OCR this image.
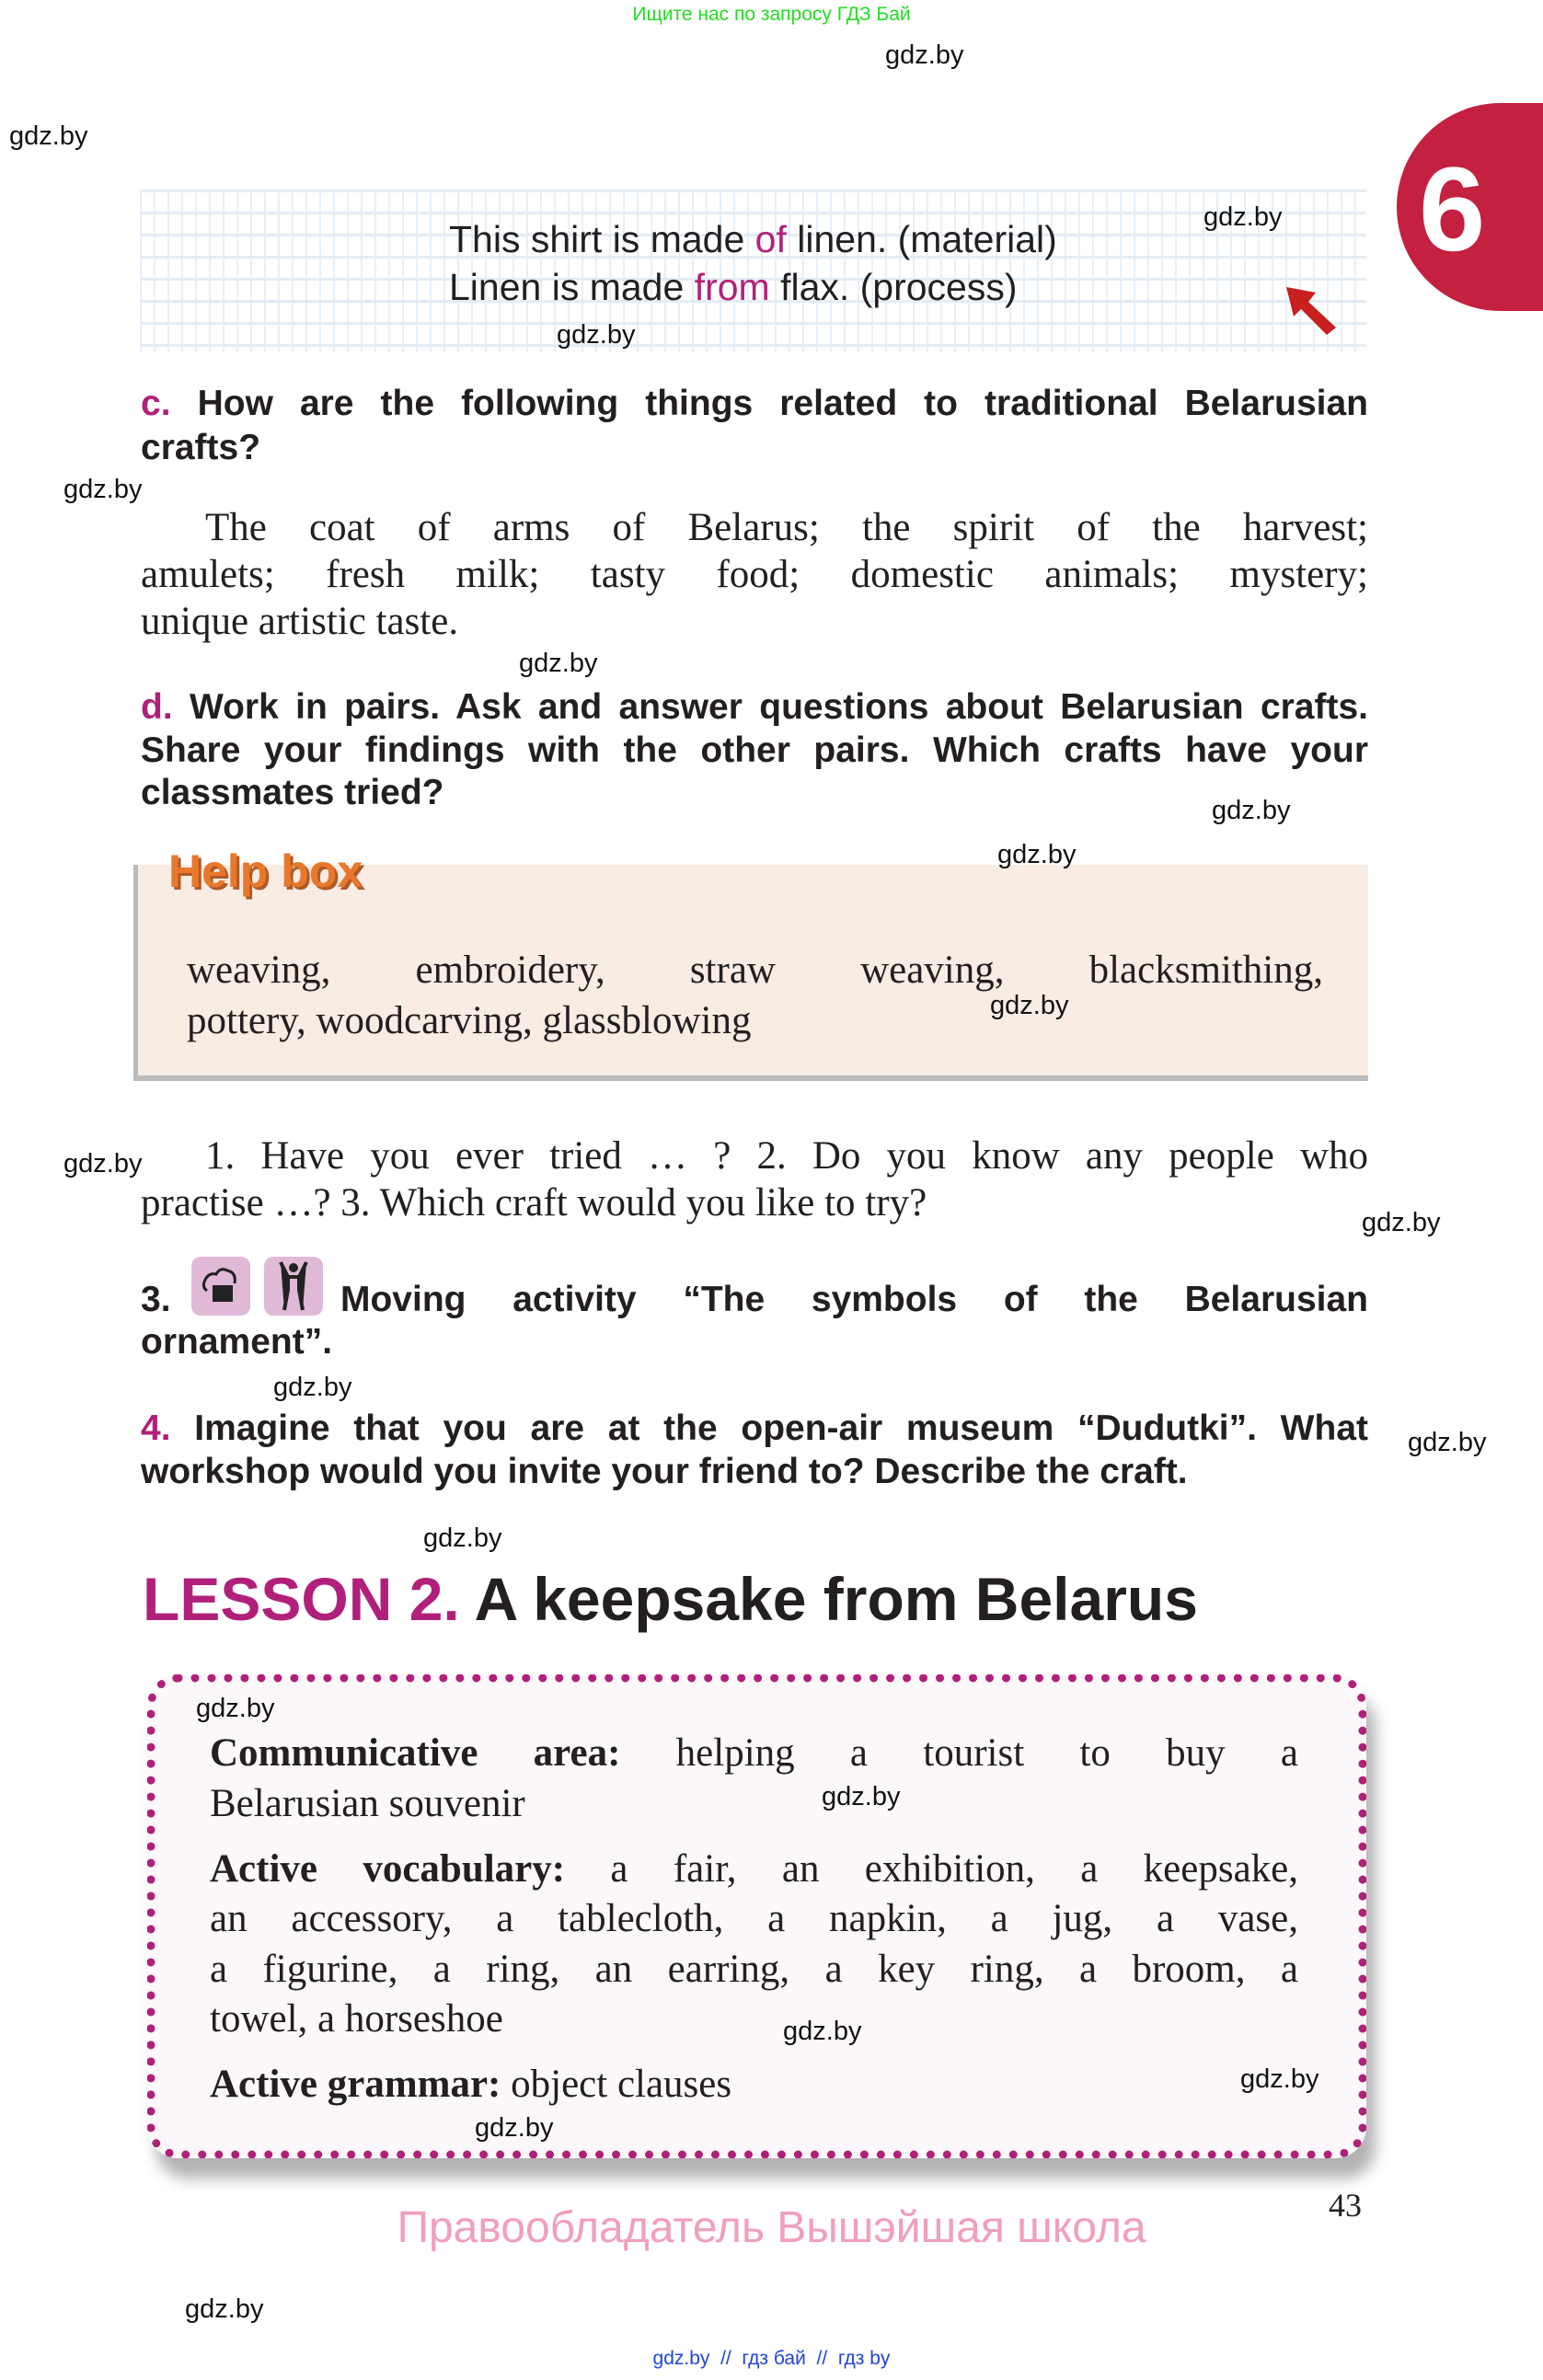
Ищите нас по запросу ГДЗ Бай
6
This shirt is made of linen. (material)
Linen is made from flax. (process)
c. How are the following things related to traditional Belarusian
crafts?
The coat of arms of Belarus; the spirit of the harvest;
amulets; fresh milk; tasty food; domestic animals; mystery;
unique artistic taste.
d. Work in pairs. Ask and answer questions about Belarusian crafts.
Share your findings with the other pairs. Which crafts have your
classmates tried?
Help box
weaving, embroidery, straw weaving, blacksmithing,
pottery, woodcarving, glassblowing
1. Have you ever tried … ? 2. Do you know any people who
practise …? 3. Which craft would you like to try?
3.	Moving activity “The symbols of the Belarusian
ornament”.
4. Imagine that you are at the open-air museum “Dudutki”. What
workshop would you invite your friend to? Describe the craft.
LESSON 2. A keepsake from Belarus
Communicative area: helping a tourist to buy a
Belarusian souvenir
Active vocabulary: a fair, an exhibition, a keepsake,
an accessory, a tablecloth, a napkin, a jug, a vase,
a figurine, a ring, an earring, a key ring, a broom, a
towel, a horseshoe
Active grammar: object clauses
43
Правообладатель Вышэйшая школа
gdz.by  //  гдз бай  //  гдз by
gdz.by
gdz.by
gdz.by
gdz.by
gdz.by
gdz.by
gdz.by
gdz.by
gdz.by
gdz.by
gdz.by
gdz.by
gdz.by
gdz.by
gdz.by
gdz.by
gdz.by
gdz.by
gdz.by
gdz.by
